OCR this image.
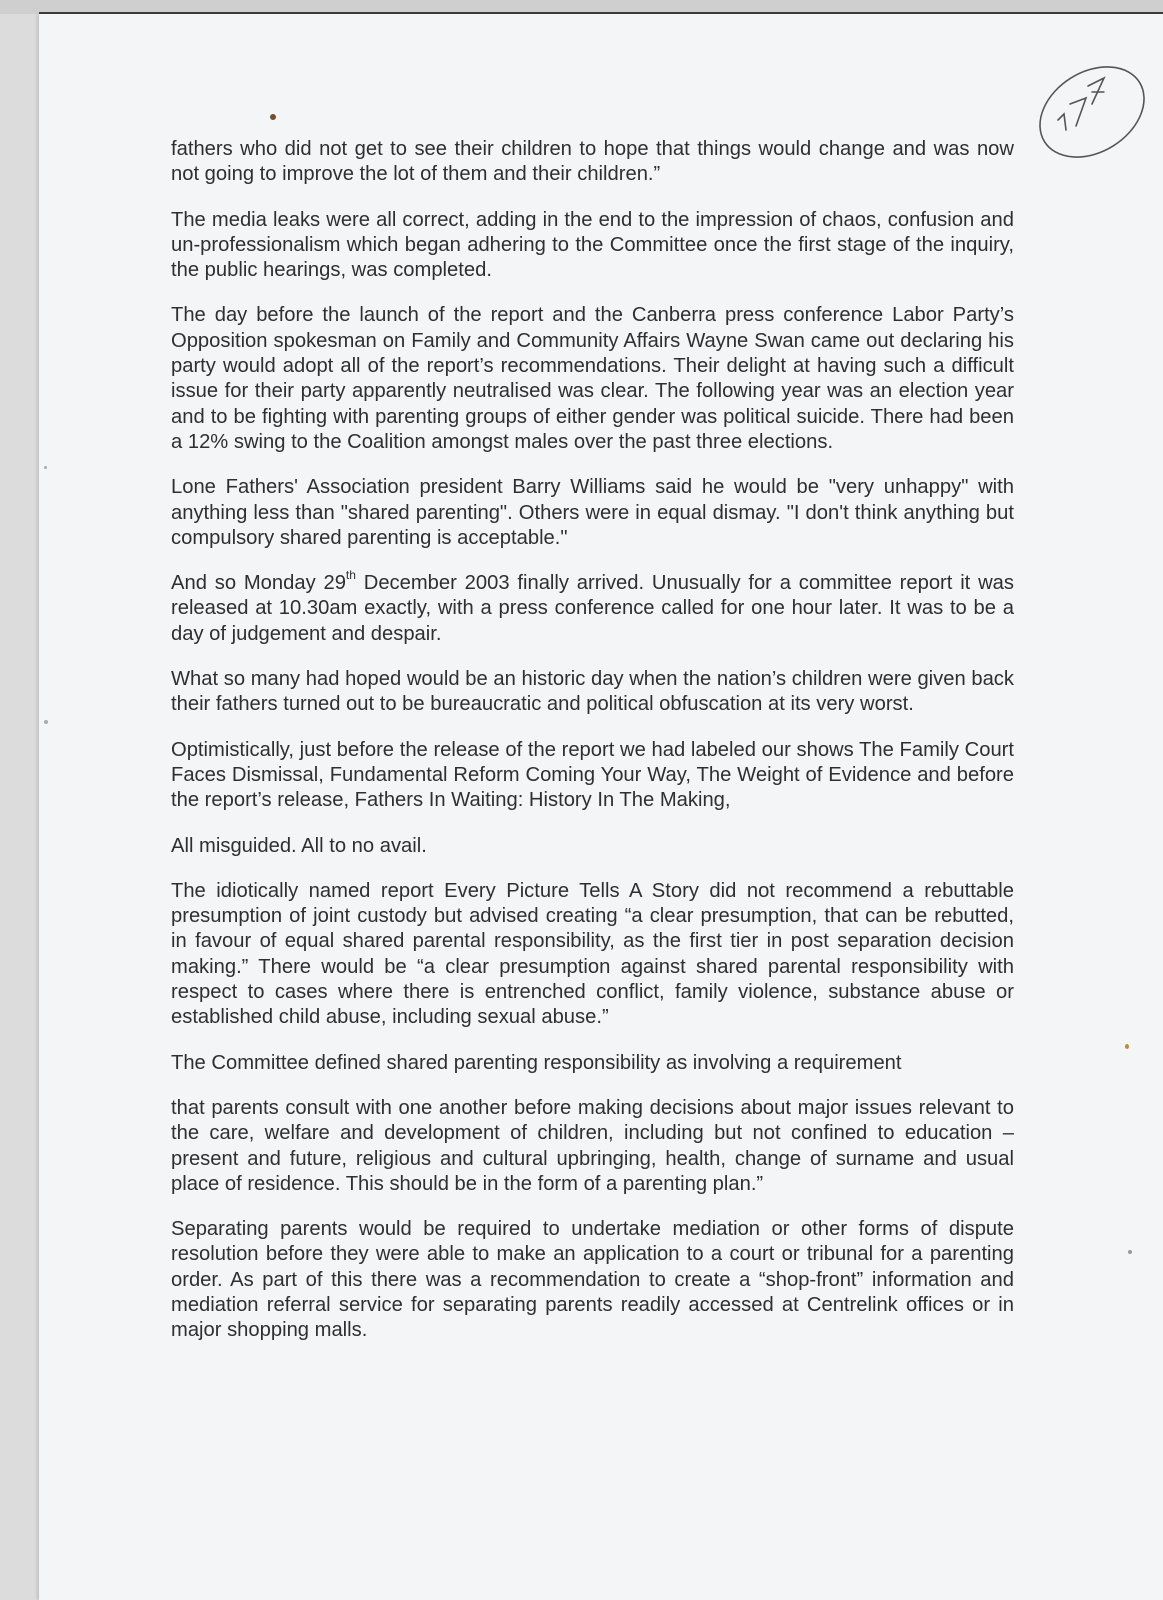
fathers who did not get to see their children to hope that things would change and was now not going to improve the lot of them and their children.”

The media leaks were all correct, adding in the end to the impression of chaos, confusion and un-professionalism which began adhering to the Committee once the first stage of the inquiry, the public hearings, was completed.

The day before the launch of the report and the Canberra press conference Labor Party’s Opposition spokesman on Family and Community Affairs Wayne Swan came out declaring his party would adopt all of the report’s recommendations. Their delight at having such a difficult issue for their party apparently neutralised was clear. The following year was an election year and to be fighting with parenting groups of either gender was political suicide. There had been a 12% swing to the Coalition amongst males over the past three elections.

Lone Fathers' Association president Barry Williams said he would be "very unhappy" with anything less than "shared parenting". Others were in equal dismay. "I don't think anything but compulsory shared parenting is acceptable."

And so Monday 29th December 2003 finally arrived. Unusually for a committee report it was released at 10.30am exactly, with a press conference called for one hour later. It was to be a day of judgement and despair.

What so many had hoped would be an historic day when the nation’s children were given back their fathers turned out to be bureaucratic and political obfuscation at its very worst.

Optimistically, just before the release of the report we had labeled our shows The Family Court Faces Dismissal, Fundamental Reform Coming Your Way, The Weight of Evidence and before the report’s release, Fathers In Waiting: History In The Making,

All misguided. All to no avail.

The idiotically named report Every Picture Tells A Story did not recommend a rebuttable presumption of joint custody but advised creating “a clear presumption, that can be rebutted, in favour of equal shared parental responsibility, as the first tier in post separation decision making.” There would be “a clear presumption against shared parental responsibility with respect to cases where there is entrenched conflict, family violence, substance abuse or established child abuse, including sexual abuse.”

The Committee defined shared parenting responsibility as involving a requirement

that parents consult with one another before making decisions about major issues relevant to the care, welfare and development of children, including but not confined to education – present and future, religious and cultural upbringing, health, change of surname and usual place of residence. This should be in the form of a parenting plan.”

Separating parents would be required to undertake mediation or other forms of dispute resolution before they were able to make an application to a court or tribunal for a parenting order. As part of this there was a recommendation to create a “shop-front” information and mediation referral service for separating parents readily accessed at Centrelink offices or in major shopping malls.
